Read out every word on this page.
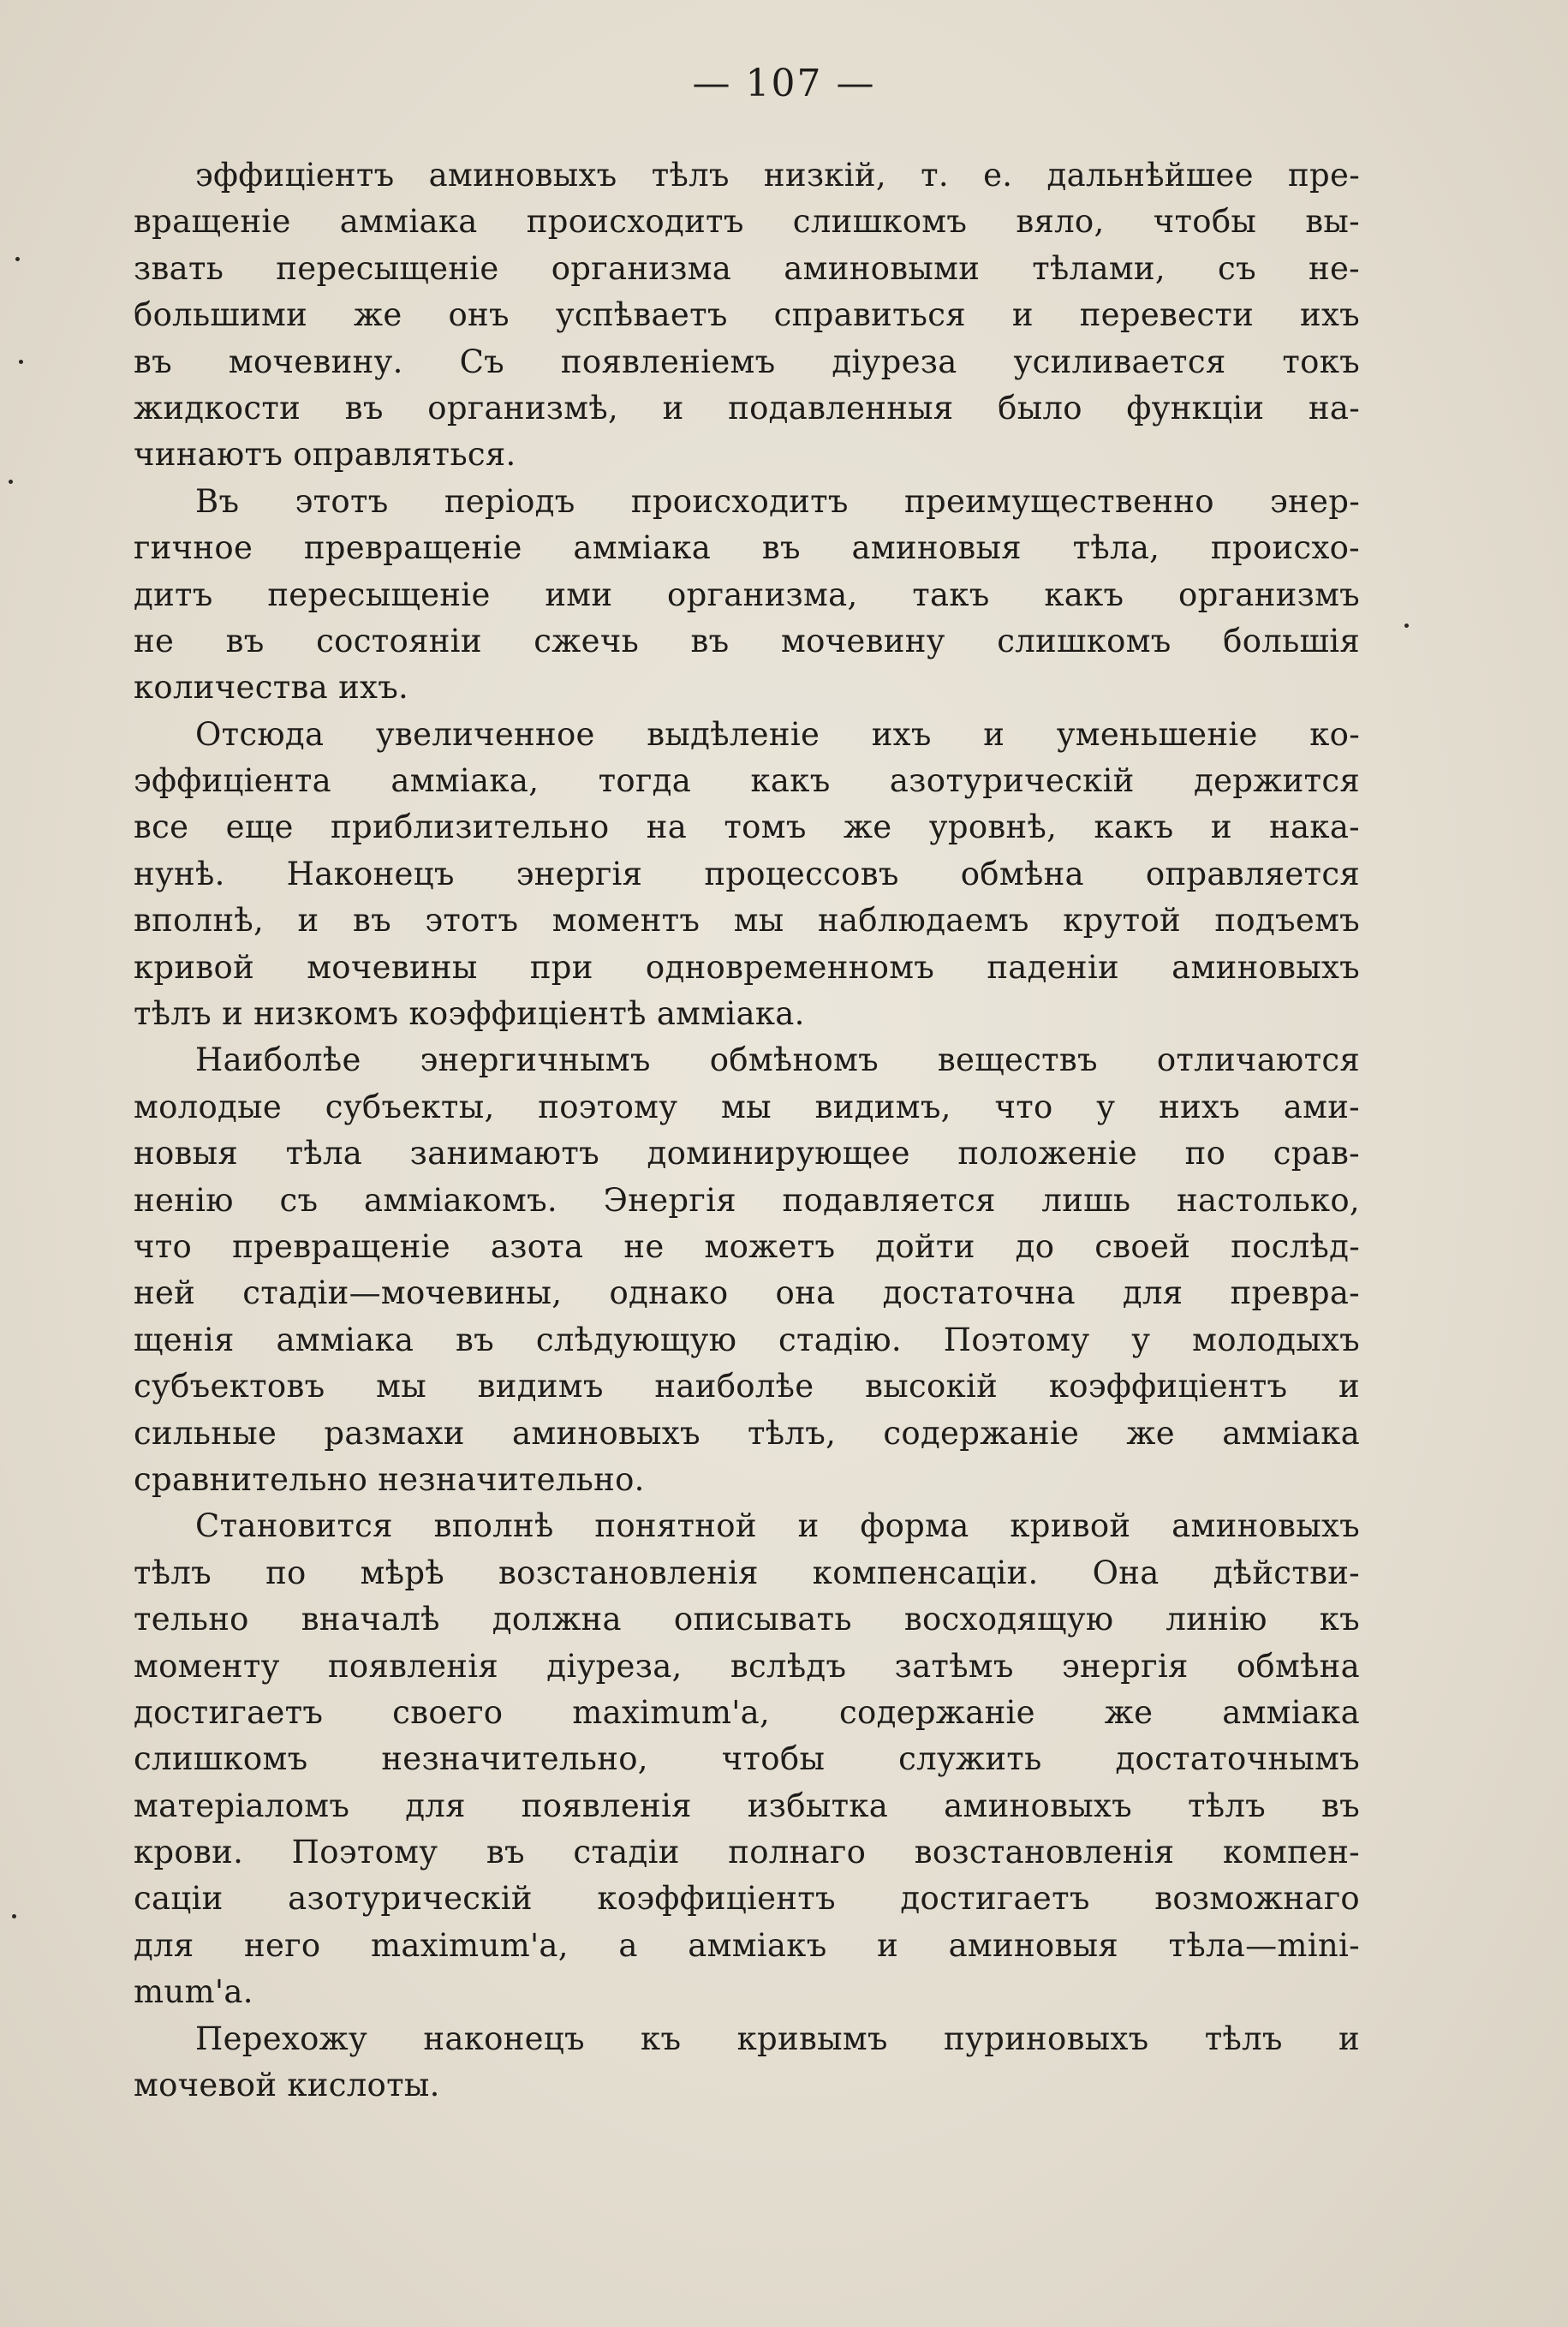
— 107 —
эффиціентъ аминовыхъ тѣлъ низкій, т. е. дальнѣйшее пре-
вращеніе амміака происходитъ слишкомъ вяло, чтобы вы-
звать пересыщеніе организма аминовыми тѣлами, съ не-
большими же онъ успѣваетъ справиться и перевести ихъ
въ мочевину. Съ появленіемъ діуреза усиливается токъ
жидкости въ организмѣ, и подавленныя было функціи на-
чинаютъ оправляться.
Въ этотъ періодъ происходитъ преимущественно энер-
гичное превращеніе амміака въ аминовыя тѣла, происхо-
дитъ пересыщеніе ими организма, такъ какъ организмъ
не въ состояніи сжечь въ мочевину слишкомъ большія
количества ихъ.
Отсюда увеличенное выдѣленіе ихъ и уменьшеніе ко-
эффиціента амміака, тогда какъ азотурическій держится
все еще приблизительно на томъ же уровнѣ, какъ и нака-
нунѣ. Наконецъ энергія процессовъ обмѣна оправляется
вполнѣ, и въ этотъ моментъ мы наблюдаемъ крутой подъемъ
кривой мочевины при одновременномъ паденіи аминовыхъ
тѣлъ и низкомъ коэффиціентѣ амміака.
Наиболѣе энергичнымъ обмѣномъ веществъ отличаются
молодые субъекты, поэтому мы видимъ, что у нихъ ами-
новыя тѣла занимаютъ доминирующее положеніе по срав-
ненію съ амміакомъ. Энергія подавляется лишь настолько,
что превращеніе азота не можетъ дойти до своей послѣд-
ней стадіи—мочевины, однако она достаточна для превра-
щенія амміака въ слѣдующую стадію. Поэтому у молодыхъ
субъектовъ мы видимъ наиболѣе высокій коэффиціентъ и
сильные размахи аминовыхъ тѣлъ, содержаніе же амміака
сравнительно незначительно.
Становится вполнѣ понятной и форма кривой аминовыхъ
тѣлъ по мѣрѣ возстановленія компенсаціи. Она дѣйстви-
тельно вначалѣ должна описывать восходящую линію къ
моменту появленія діуреза, вслѣдъ затѣмъ энергія обмѣна
достигаетъ своего maximum'a, содержаніе же амміака
слишкомъ незначительно, чтобы служить достаточнымъ
матеріаломъ для появленія избытка аминовыхъ тѣлъ въ
крови. Поэтому въ стадіи полнаго возстановленія компен-
саціи азотурическій коэффиціентъ достигаетъ возможнаго
для него maximum'a, а амміакъ и аминовыя тѣла—mini-
mum'a.
Перехожу наконецъ къ кривымъ пуриновыхъ тѣлъ и
мочевой кислоты.
